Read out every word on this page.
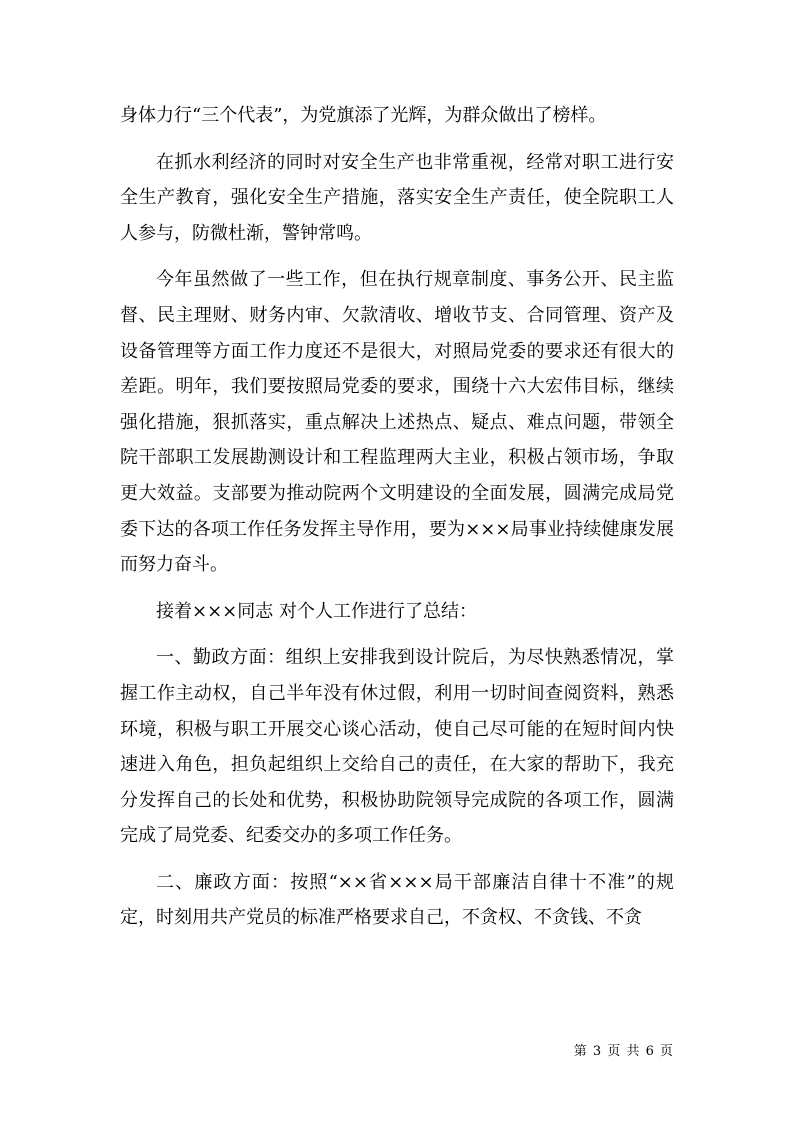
身体力行“三个代表”，为党旗添了光辉，为群众做出了榜样。

在抓水利经济的同时对安全生产也非常重视，经常对职工进行安全生产教育，强化安全生产措施，落实安全生产责任，使全院职工人人参与，防微杜渐，警钟常鸣。

今年虽然做了一些工作，但在执行规章制度、事务公开、民主监督、民主理财、财务内审、欠款清收、增收节支、合同管理、资产及设备管理等方面工作力度还不是很大，对照局党委的要求还有很大的差距。明年，我们要按照局党委的要求，围绕十六大宏伟目标，继续强化措施，狠抓落实，重点解决上述热点、疑点、难点问题，带领全院干部职工发展勘测设计和工程监理两大主业，积极占领市场，争取更大效益。支部要为推动院两个文明建设的全面发展，圆满完成局党委下达的各项工作任务发挥主导作用，要为×××局事业持续健康发展而努力奋斗。

接着×××同志 对个人工作进行了总结：

一、勤政方面：组织上安排我到设计院后，为尽快熟悉情况，掌握工作主动权，自己半年没有休过假，利用一切时间查阅资料，熟悉环境，积极与职工开展交心谈心活动，使自己尽可能的在短时间内快速进入角色，担负起组织上交给自己的责任，在大家的帮助下，我充分发挥自己的长处和优势，积极协助院领导完成院的各项工作，圆满完成了局党委、纪委交办的多项工作任务。

二、廉政方面：按照“××省×××局干部廉洁自律十不准”的规定，时刻用共产党员的标准严格要求自己，不贪权、不贪钱、不贪

第 3 页 共 6 页
